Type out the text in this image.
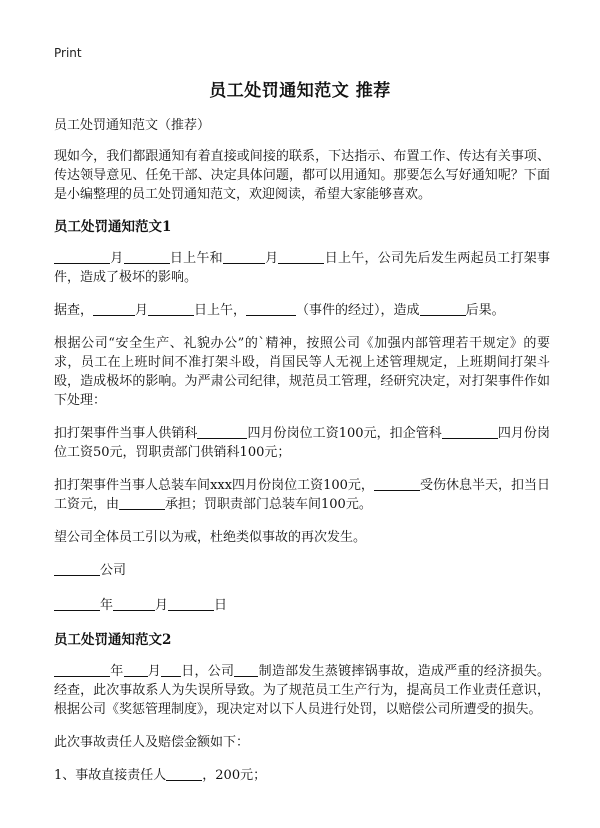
Print
员工处罚通知范文 推荐

员工处罚通知范文（推荐）

现如今，我们都跟通知有着直接或间接的联系，下达指示、布置工作、传达有关事项、传达领导意见、任免干部、决定具体问题，都可以用通知。那要怎么写好通知呢？下面是小编整理的员工处罚通知范文，欢迎阅读，希望大家能够喜欢。

员工处罚通知范文1

月	日上午和	月	日上午，公司先后发生两起员工打架事件，造成了极坏的影响。

据查，	月	日上午，	（事件的经过），造成	后果。

根据公司“安全生产、礼貌办公”的`精神，按照公司《加强内部管理若干规定》的要求，员工在上班时间不准打架斗殴，肖国民等人无视上述管理规定，上班期间打架斗殴，造成极坏的影响。为严肃公司纪律，规范员工管理，经研究决定，对打架事件作如下处理：

扣打架事件当事人供销科	四月份岗位工资100元，扣企管科	四月份岗位工资50元，罚职责部门供销科100元；

扣打架事件当事人总装车间xxx四月份岗位工资100元，	受伤休息半天，扣当日工资元，由	承担；罚职责部门总装车间100元。

望公司全体员工引以为戒，杜绝类似事故的再次发生。

公司

年	月	日

员工处罚通知范文2

年 月 日，公司 制造部发生蒸镀摔锅事故，造成严重的经济损失。经查，此次事故系人为失误所导致。为了规范员工生产行为，提高员工作业责任意识，根据公司《奖惩管理制度》，现决定对以下人员进行处罚，以赔偿公司所遭受的损失。

此次事故责任人及赔偿金额如下：

1、事故直接责任人	，200元；
